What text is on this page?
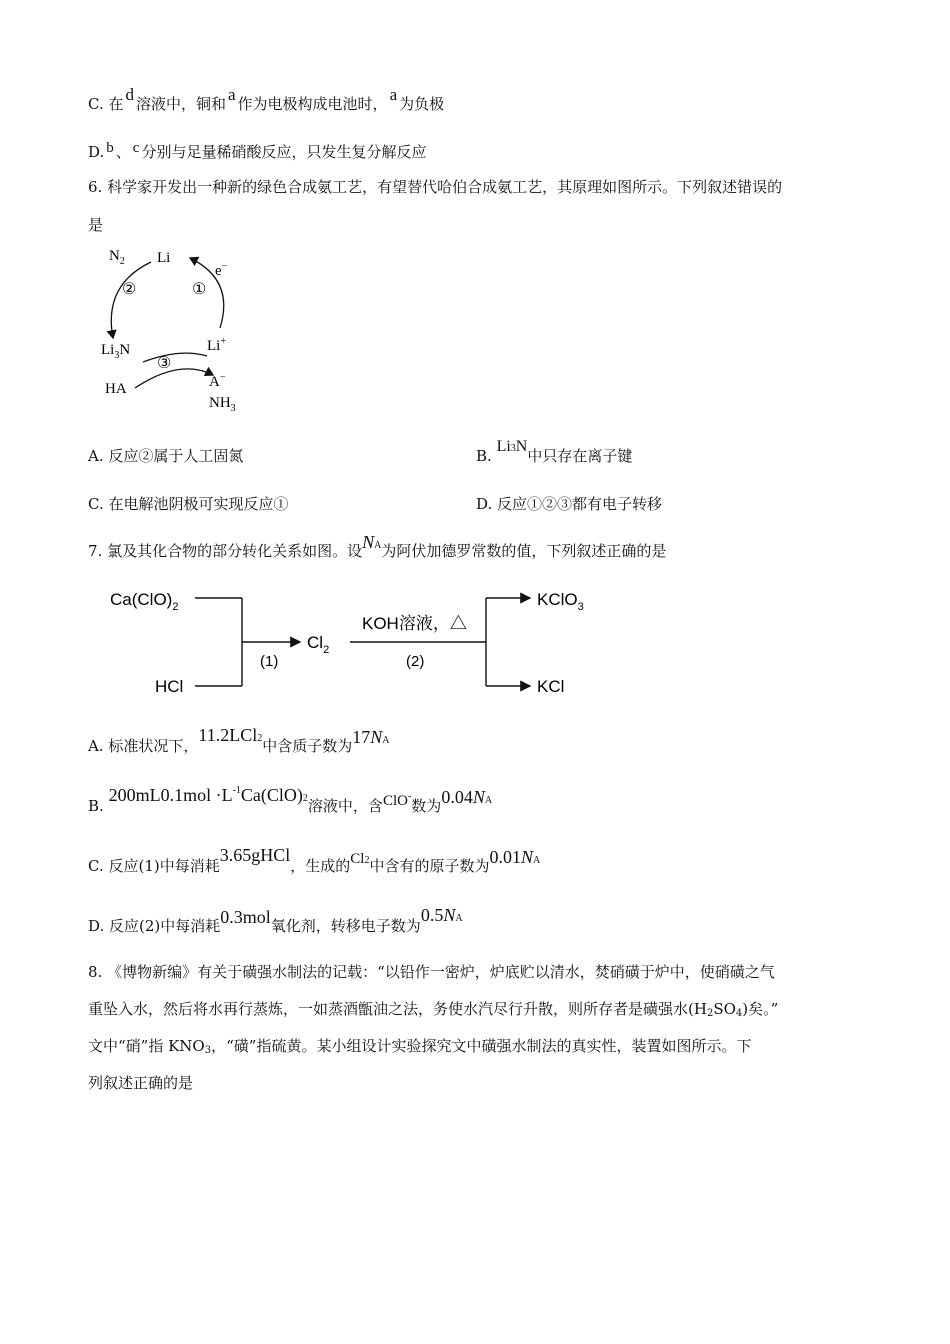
C. 在 d 溶液中，铜和 a 作为电极构成电池时， a 为负极
D. b 、 c 分别与足量稀硝酸反应，只发生复分解反应
6. 科学家开发出一种新的绿色合成氨工艺，有望替代哈伯合成氨工艺，其原理如图所示。下列叙述错误的
是
$N_2$ Li
e−
②	①
$Li_3N$	Li+
③
HA	A−
$NH_3$
A. 反应②属于人工固氮	B. Li3N中只存在离子键
C. 在电解池阴极可实现反应①	D. 反应①②③都有电子转移
7. 氯及其化合物的部分转化关系如图。设NA为阿伏加德罗常数的值，下列叙述正确的是
$Ca(ClO)_2$
HCl
$Cl_2$
KOH溶液，△
(1)	(2)
KClO$_3$
KCl
A. 标准状况下，11.2LCl2中含质子数为17NA
B. $200mL0.1mol \cdot L^{-1}Ca(ClO)2$溶液中，含ClO-数为0.04NA
C. 反应(1)中每消耗3.65gHCl，生成的Cl2中含有的原子数为0.01NA
D. 反应(2)中每消耗0.3mol氧化剂，转移电子数为0.5NA
8. 《博物新编》有关于磺强水制法的记载：“以铅作一密炉，炉底贮以清水，焚硝磺于炉中，使硝磺之气
重坠入水，然后将水再行蒸炼，一如蒸酒甑油之法，务使水汽尽行升散，则所存者是磺强水(H2SO4)矣。”
文中“硝”指 KNO3，“磺”指硫黄。某小组设计实验探究文中磺强水制法的真实性，装置如图所示。下
列叙述正确的是
